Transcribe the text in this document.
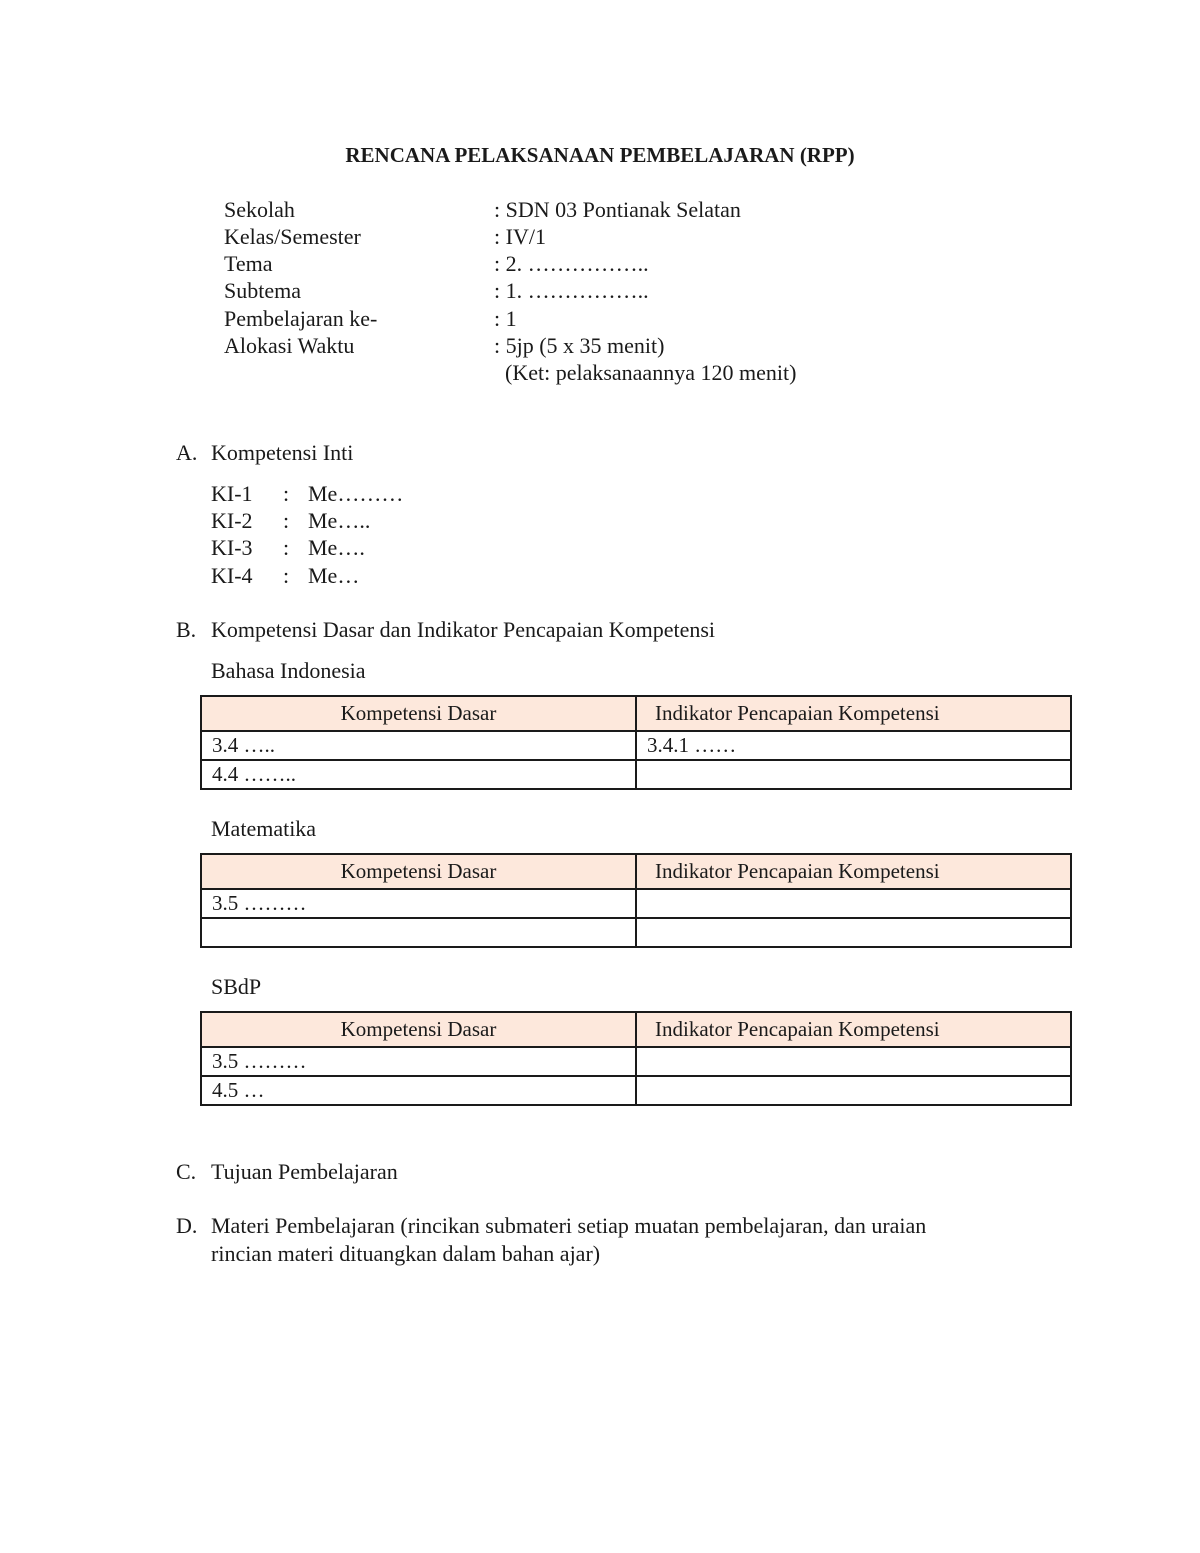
RENCANA PELAKSANAAN PEMBELAJARAN (RPP)
Sekolah	: SDN 03 Pontianak Selatan
Kelas/Semester	: IV/1
Tema	: 2. ……………..
Subtema	: 1. ……………..
Pembelajaran ke-	: 1
Alokasi Waktu	: 5jp (5 x 35 menit)
(Ket: pelaksanaannya 120 menit)
A. Kompetensi Inti
KI-1 : Me………
KI-2 : Me…..
KI-3 : Me….
KI-4 : Me…
B. Kompetensi Dasar dan Indikator Pencapaian Kompetensi
Bahasa Indonesia
Kompetensi Dasar	Indikator Pencapaian Kompetensi
3.4 …..	3.4.1 ……
4.4 ……..	
Matematika
Kompetensi Dasar	Indikator Pencapaian Kompetensi
3.5 ………	

SBdP
Kompetensi Dasar	Indikator Pencapaian Kompetensi
3.5 ………	
4.5 …	
C. Tujuan Pembelajaran
D. Materi Pembelajaran (rincikan submateri setiap muatan pembelajaran, dan uraian
rincian materi dituangkan dalam bahan ajar)
